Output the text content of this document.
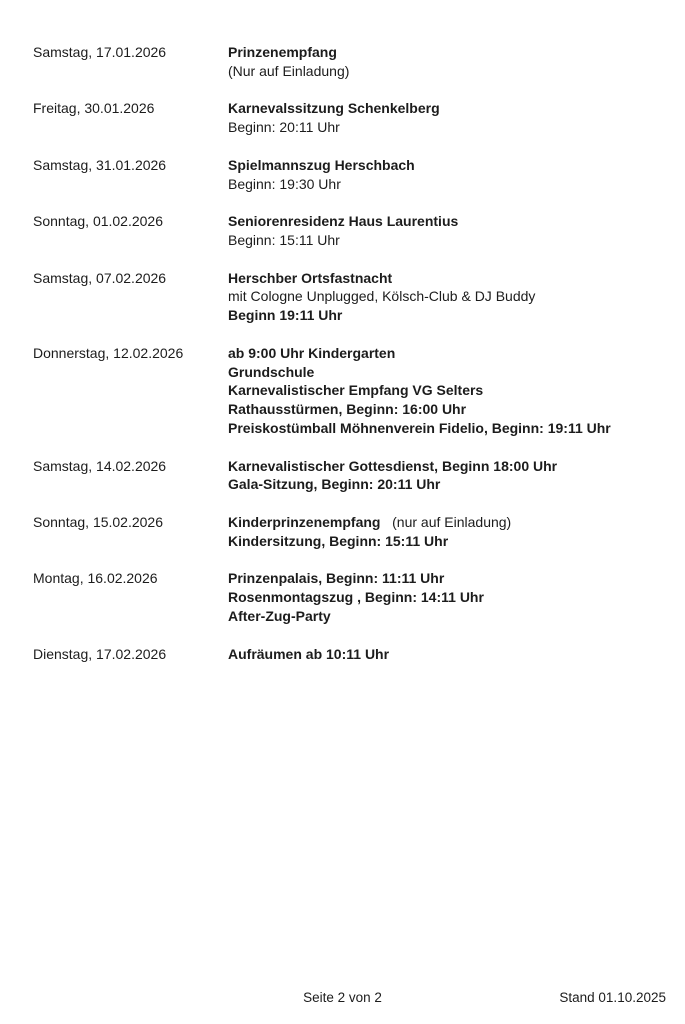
Samstag, 17.01.2026	Prinzenempfang
(Nur auf Einladung)
Freitag, 30.01.2026	Karnevalssitzung Schenkelberg
Beginn: 20:11 Uhr
Samstag, 31.01.2026	Spielmannszug Herschbach
Beginn: 19:30 Uhr
Sonntag, 01.02.2026	Seniorenresidenz Haus Laurentius
Beginn: 15:11 Uhr
Samstag, 07.02.2026	Herschber Ortsfastnacht
mit Cologne Unplugged, Kölsch-Club & DJ Buddy
Beginn 19:11 Uhr
Donnerstag, 12.02.2026	ab 9:00 Uhr Kindergarten
Grundschule
Karnevalistischer Empfang VG Selters
Rathausstürmen, Beginn: 16:00 Uhr
Preiskostümball Möhnenverein Fidelio, Beginn: 19:11 Uhr
Samstag, 14.02.2026	Karnevalistischer Gottesdienst, Beginn 18:00 Uhr
Gala-Sitzung, Beginn: 20:11 Uhr
Sonntag, 15.02.2026	Kinderprinzenempfang   (nur auf Einladung)
Kindersitzung, Beginn: 15:11 Uhr
Montag, 16.02.2026	Prinzenpalais, Beginn: 11:11 Uhr
Rosenmontagszug , Beginn: 14:11 Uhr
After-Zug-Party
Dienstag, 17.02.2026	Aufräumen ab 10:11 Uhr
Seite 2 von 2	Stand 01.10.2025
